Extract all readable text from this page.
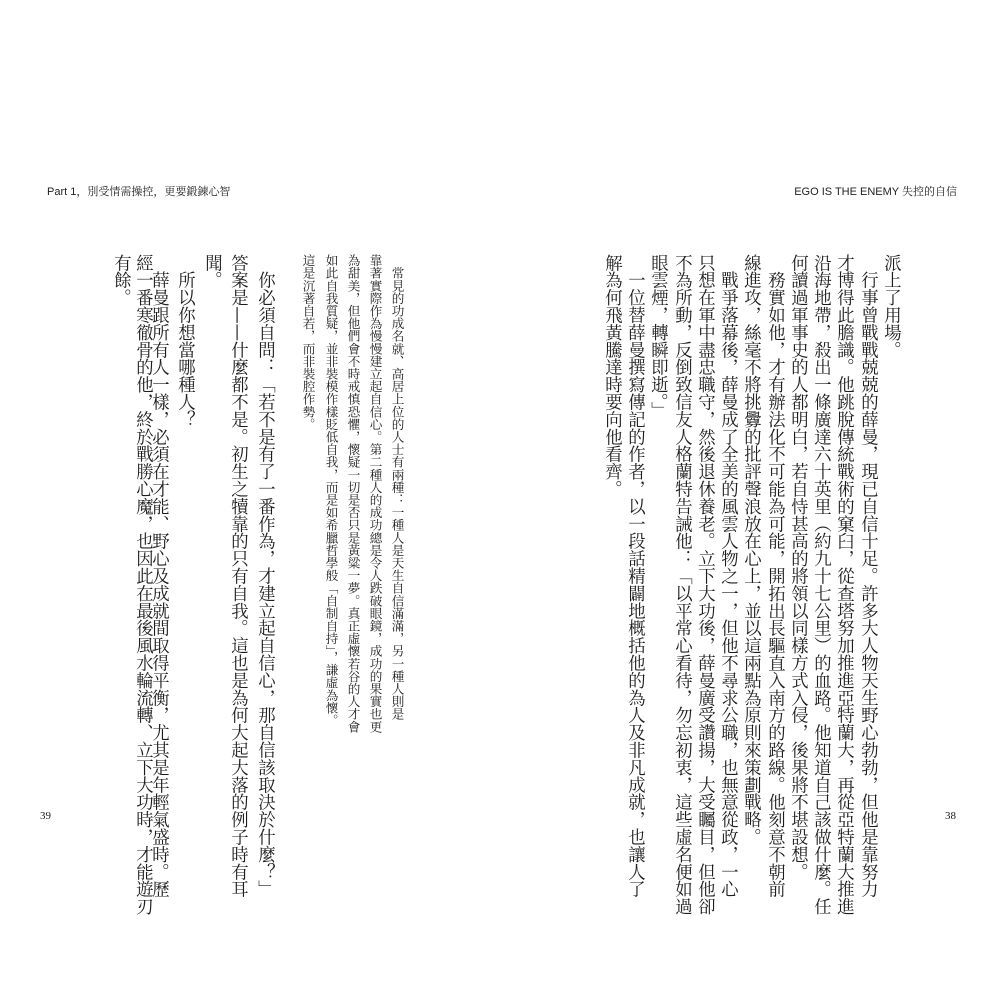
Part 1，別受情需操控，更要鍛鍊心智	EGO IS THE ENEMY 失控的自信
派上了用場。
　行事曾戰戰兢兢的薛曼，現已自信十足。許多大人物天生野心勃勃，但他是靠努力
才博得此膽識。他跳脫傳統戰術的窠臼，從查塔努加推進亞特蘭大，再從亞特蘭大推進
沿海地帶，殺出一條廣達六十英里（約九十七公里）的血路。他知道自己該做什麼。任
何讀過軍事史的人都明白，若自恃甚高的將領以同樣方式入侵，後果將不堪設想。
　務實如他，才有辦法化不可能為可能，開拓出長驅直入南方的路線。他刻意不朝前
線進攻，絲毫不將挑釁的批評聲浪放在心上，並以這兩點為原則來策劃戰略。
　戰爭落幕後，薛曼成了全美的風雲人物之一，但他不尋求公職，也無意從政，一心
只想在軍中盡忠職守，然後退休養老。立下大功後，薛曼廣受讚揚，大受矚目，但他卻
不為所動，反倒致信友人格蘭特告誡他：「以平常心看待，勿忘初衷，這些虛名便如過
眼雲煙，轉瞬即逝。」
　一位替薛曼撰寫傳記的作者，以一段話精闢地概括他的為人及非凡成就，也讓人了
解為何飛黃騰達時要向他看齊。
　常見的功成名就、高居上位的人士有兩種：一種人是天生自信滿滿，另一種人則是
靠著實際作為慢慢建立起自信心。第二種人的成功總是令人跌破眼鏡，成功的果實也更
為甜美，但他們會不時戒慎恐懼，懷疑一切是否只是黃粱一夢。真正虛懷若谷的人才會
如此自我質疑，並非裝模作樣貶低自我，而是如希臘哲學般「自制自持」，謙虛為懷。
這是沉著自若，而非裝腔作勢。
　你必須自問：「若不是有了一番作為，才建立起自信心，那自信該取決於什麼？」
答案是——什麼都不是。初生之犢靠的只有自我。這也是為何大起大落的例子時有耳
聞。
　所以你想當哪種人？
　薛曼跟所有人一樣，必須在才能、野心及成就間取得平衡，尤其是年輕氣盛時。歷
經一番寒徹骨的他，終於戰勝心魔，也因此在最後風水輪流轉、立下大功時，才能遊刃
有餘。
39	38
